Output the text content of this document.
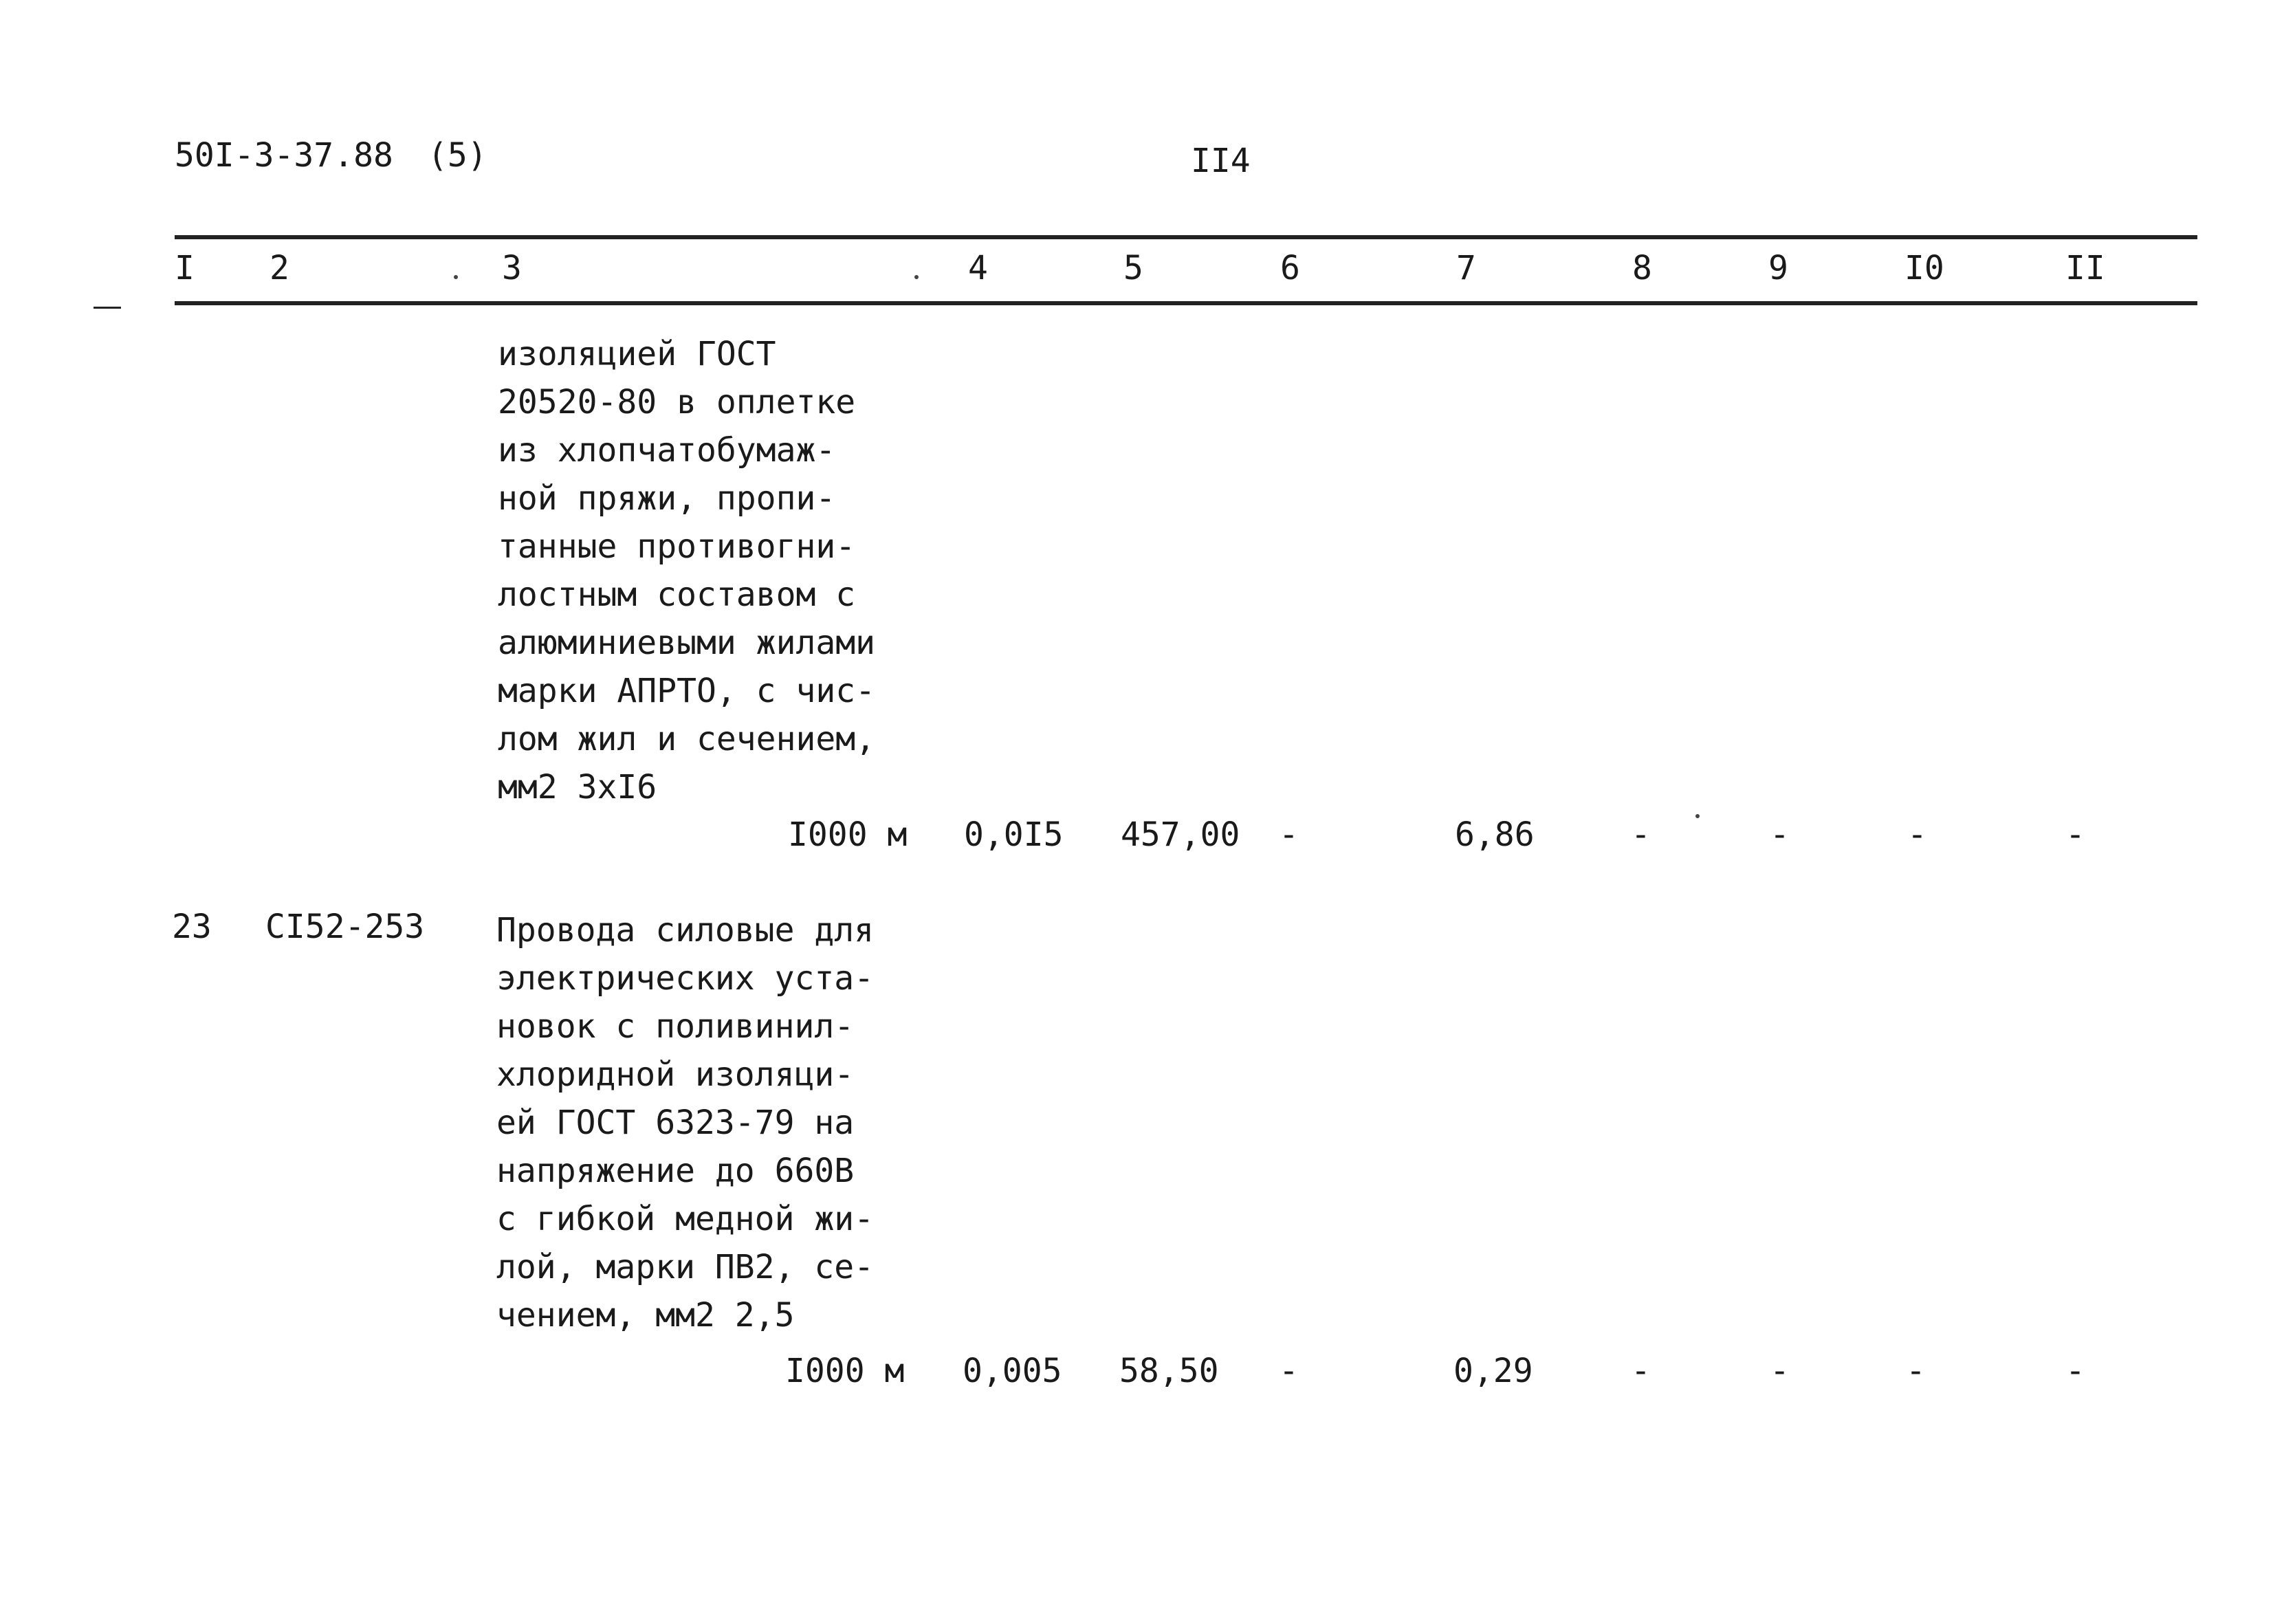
50I-3-37.88 (5)	II4
I 2	3	4	5	6	7	8	9	I0	II
изоляцией ГОСТ
20520-80 в оплетке
из хлопчатобумаж-
ной пряжи, пропи-
танные противогни-
лостным составом с
алюминиевыми жилами
марки АПРТО, с чис-
лом жил и сечением,
мм2 3хI6
I000 м 0,0I5 457,00 -	6,86	-	-	-	-
23 CI52-253 Провода силовые для
электрических уста-
новок с поливинил-
хлоридной изоляци-
ей ГОСТ 6323-79 на
напряжение до 660В
с гибкой медной жи-
лой, марки ПВ2, се-
чением, мм2 2,5
I000 м 0,005 58,50 -	0,29	-	-	-	-
